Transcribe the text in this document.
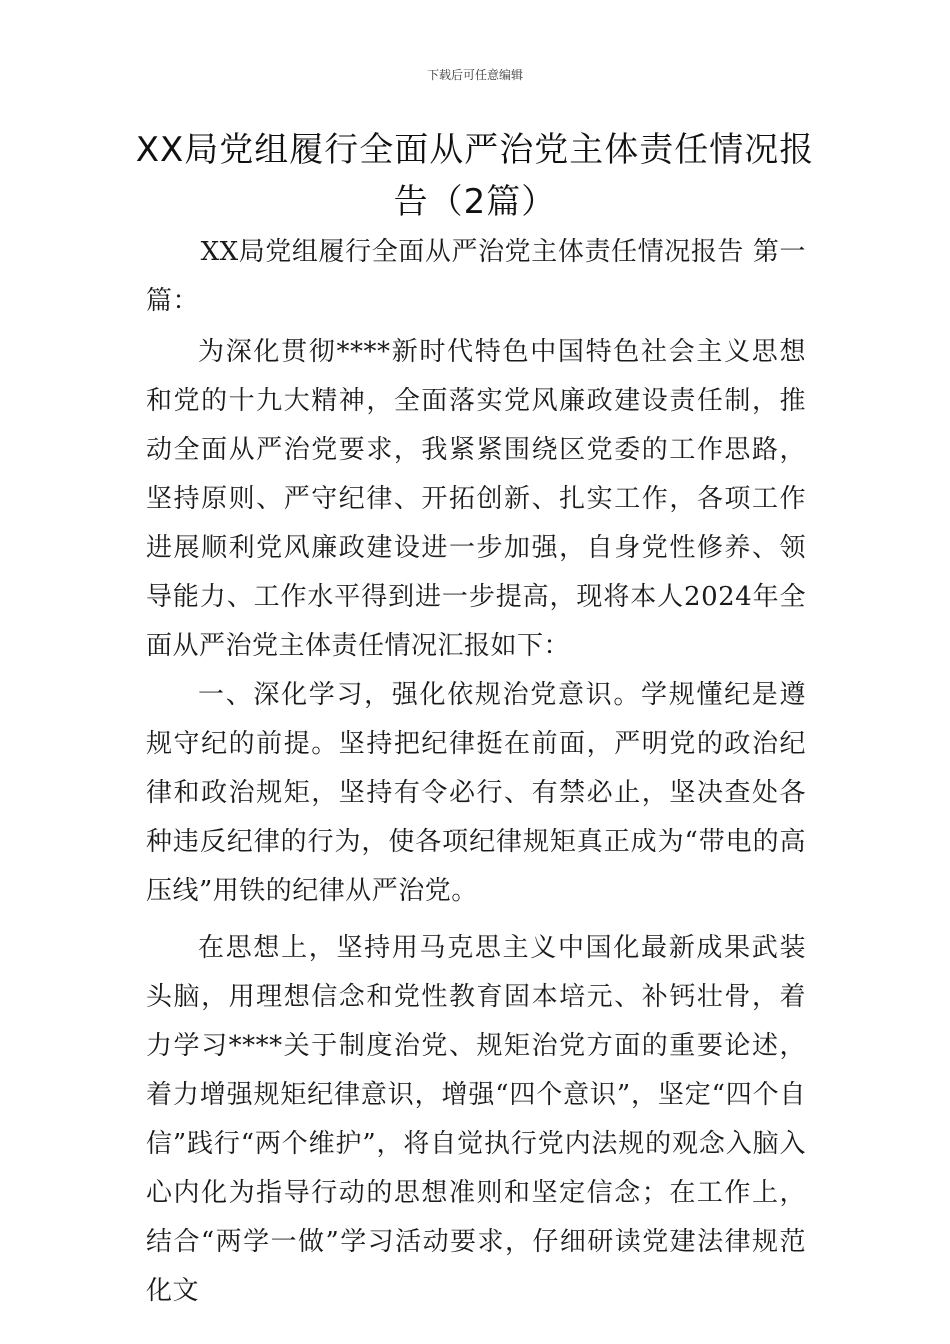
下载后可任意编辑
XX局党组履行全面从严治党主体责任情况报告（2篇）

XX局党组履行全面从严治党主体责任情况报告 第一篇：

为深化贯彻****新时代特色中国特色社会主义思想和党的十九大精神，全面落实党风廉政建设责任制，推动全面从严治党要求，我紧紧围绕区党委的工作思路，坚持原则、严守纪律、开拓创新、扎实工作，各项工作进展顺利党风廉政建设进一步加强，自身党性修养、领导能力、工作水平得到进一步提高，现将本人2024年全面从严治党主体责任情况汇报如下：

一、深化学习，强化依规治党意识。学规懂纪是遵规守纪的前提。坚持把纪律挺在前面，严明党的政治纪律和政治规矩，坚持有令必行、有禁必止，坚决查处各种违反纪律的行为，使各项纪律规矩真正成为“带电的高压线”用铁的纪律从严治党。

在思想上，坚持用马克思主义中国化最新成果武装头脑，用理想信念和党性教育固本培元、补钙壮骨，着力学习****关于制度治党、规矩治党方面的重要论述，着力增强规矩纪律意识，增强“四个意识”，坚定“四个自信”践行“两个维护”，将自觉执行党内法规的观念入脑入心内化为指导行动的思想准则和坚定信念；在工作上，结合“两学一做”学习活动要求，仔细研读党建法律规范化文
